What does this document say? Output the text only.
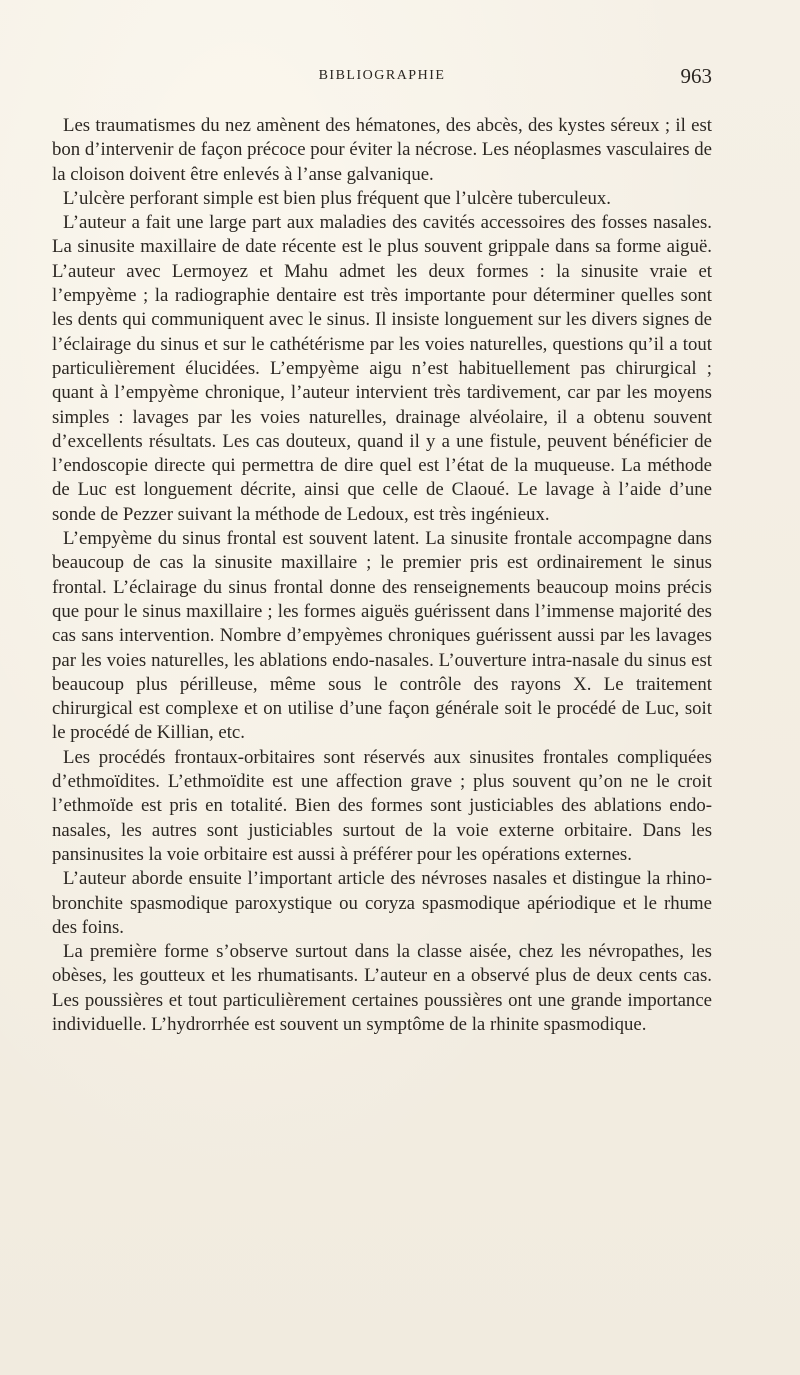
BIBLIOGRAPHIE	963

Les traumatismes du nez amènent des hématones, des abcès, des kystes séreux ; il est bon d’intervenir de façon précoce pour éviter la nécrose. Les néoplasmes vasculaires de la cloison doivent être enlevés à l’anse galvanique.

L’ulcère perforant simple est bien plus fréquent que l’ulcère tuberculeux.

L’auteur a fait une large part aux maladies des cavités accessoires des fosses nasales. La sinusite maxillaire de date récente est le plus souvent grippale dans sa forme aiguë. L’auteur avec Lermoyez et Mahu admet les deux formes : la sinusite vraie et l’empyème ; la radiographie dentaire est très importante pour déterminer quelles sont les dents qui communiquent avec le sinus. Il insiste longuement sur les divers signes de l’éclairage du sinus et sur le cathétérisme par les voies naturelles, questions qu’il a tout particulièrement élucidées. L’empyème aigu n’est habituellement pas chirurgical ; quant à l’empyème chronique, l’auteur intervient très tardivement, car par les moyens simples : lavages par les voies naturelles, drainage alvéolaire, il a obtenu souvent d’excellents résultats. Les cas douteux, quand il y a une fistule, peuvent bénéficier de l’endoscopie directe qui permettra de dire quel est l’état de la muqueuse. La méthode de Luc est longuement décrite, ainsi que celle de Claoué. Le lavage à l’aide d’une sonde de Pezzer suivant la méthode de Ledoux, est très ingénieux.

L’empyème du sinus frontal est souvent latent. La sinusite frontale accompagne dans beaucoup de cas la sinusite maxillaire ; le premier pris est ordinairement le sinus frontal. L’éclairage du sinus frontal donne des renseignements beaucoup moins précis que pour le sinus maxillaire ; les formes aiguës guérissent dans l’immense majorité des cas sans intervention. Nombre d’empyèmes chroniques guérissent aussi par les lavages par les voies naturelles, les ablations endo-nasales. L’ouverture intra-nasale du sinus est beaucoup plus périlleuse, même sous le contrôle des rayons X. Le traitement chirurgical est complexe et on utilise d’une façon générale soit le procédé de Luc, soit le procédé de Killian, etc.

Les procédés frontaux-orbitaires sont réservés aux sinusites frontales compliquées d’ethmoïdites. L’ethmoïdite est une affection grave ; plus souvent qu’on ne le croit l’ethmoïde est pris en totalité. Bien des formes sont justiciables des ablations endo-nasales, les autres sont justiciables surtout de la voie externe orbitaire. Dans les pansinusites la voie orbitaire est aussi à préférer pour les opérations externes.

L’auteur aborde ensuite l’important article des névroses nasales et distingue la rhino-bronchite spasmodique paroxystique ou coryza spasmodique apériodique et le rhume des foins.

La première forme s’observe surtout dans la classe aisée, chez les névropathes, les obèses, les goutteux et les rhumatisants. L’auteur en a observé plus de deux cents cas. Les poussières et tout particulièrement certaines poussières ont une grande importance individuelle. L’hydrorrhée est souvent un symptôme de la rhinite spasmodique.
